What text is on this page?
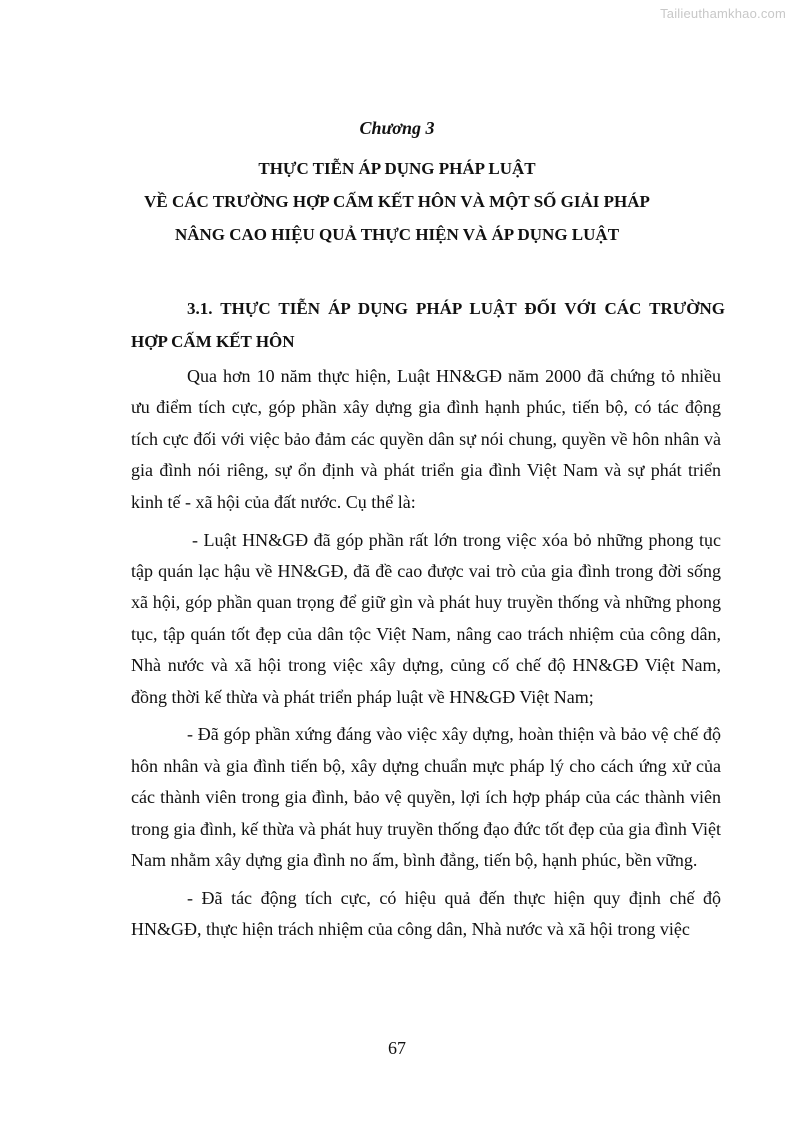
Tailieuthamkhao.com
Chương 3
THỰC TIỄN ÁP DỤNG PHÁP LUẬT
VỀ CÁC TRƯỜNG HỢP CẤM KẾT HÔN VÀ MỘT SỐ GIẢI PHÁP
NÂNG CAO HIỆU QUẢ THỰC HIỆN VÀ ÁP DỤNG LUẬT
3.1. THỰC TIỄN ÁP DỤNG PHÁP LUẬT ĐỐI VỚI CÁC TRƯỜNG
HỢP CẤM KẾT HÔN

Qua hơn 10 năm thực hiện, Luật HN&GĐ năm 2000 đã chứng tỏ nhiều ưu điểm tích cực, góp phần xây dựng gia đình hạnh phúc, tiến bộ, có tác động tích cực đối với việc bảo đảm các quyền dân sự nói chung, quyền về hôn nhân và gia đình nói riêng, sự ổn định và phát triển gia đình Việt Nam và sự phát triển kinh tế - xã hội của đất nước. Cụ thể là:

- Luật HN&GĐ đã góp phần rất lớn trong việc xóa bỏ những phong tục tập quán lạc hậu về HN&GĐ, đã đề cao được vai trò của gia đình trong đời sống xã hội, góp phần quan trọng để giữ gìn và phát huy truyền thống và những phong tục, tập quán tốt đẹp của dân tộc Việt Nam, nâng cao trách nhiệm của công dân, Nhà nước và xã hội trong việc xây dựng, củng cố chế độ HN&GĐ Việt Nam, đồng thời kế thừa và phát triển pháp luật về HN&GĐ Việt Nam;

- Đã góp phần xứng đáng vào việc xây dựng, hoàn thiện và bảo vệ chế độ hôn nhân và gia đình tiến bộ, xây dựng chuẩn mực pháp lý cho cách ứng xử của các thành viên trong gia đình, bảo vệ quyền, lợi ích hợp pháp của các thành viên trong gia đình, kế thừa và phát huy truyền thống đạo đức tốt đẹp của gia đình Việt Nam nhằm xây dựng gia đình no ấm, bình đẳng, tiến bộ, hạnh phúc, bền vững.

- Đã tác động tích cực, có hiệu quả đến thực hiện quy định chế độ HN&GĐ, thực hiện trách nhiệm của công dân, Nhà nước và xã hội trong việc

67
